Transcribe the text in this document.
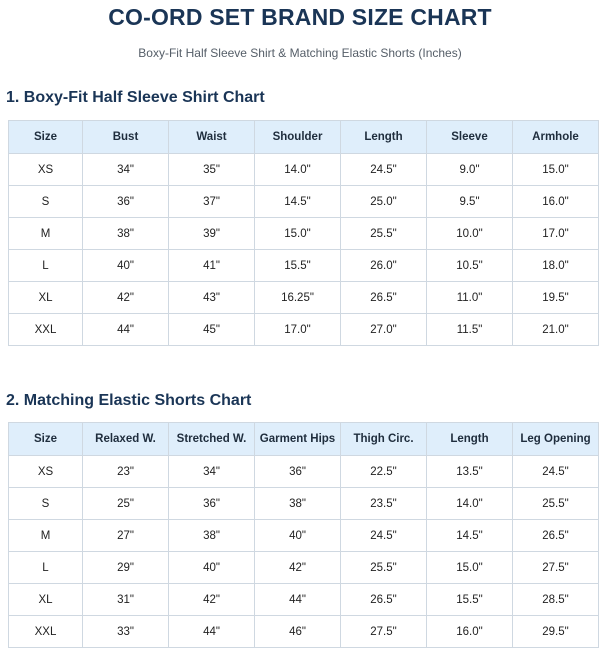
CO-ORD SET BRAND SIZE CHART
Boxy-Fit Half Sleeve Shirt & Matching Elastic Shorts (Inches)
1. Boxy-Fit Half Sleeve Shirt Chart
Size	Bust	Waist	Shoulder	Length	Sleeve	Armhole
XS	34"	35"	14.0"	24.5"	9.0"	15.0"
S	36"	37"	14.5"	25.0"	9.5"	16.0"
M	38"	39"	15.0"	25.5"	10.0"	17.0"
L	40"	41"	15.5"	26.0"	10.5"	18.0"
XL	42"	43"	16.25"	26.5"	11.0"	19.5"
XXL	44"	45"	17.0"	27.0"	11.5"	21.0"
2. Matching Elastic Shorts Chart
Size	Relaxed W.	Stretched W.	Garment Hips	Thigh Circ.	Length	Leg Opening
XS	23"	34"	36"	22.5"	13.5"	24.5"
S	25"	36"	38"	23.5"	14.0"	25.5"
M	27"	38"	40"	24.5"	14.5"	26.5"
L	29"	40"	42"	25.5"	15.0"	27.5"
XL	31"	42"	44"	26.5"	15.5"	28.5"
XXL	33"	44"	46"	27.5"	16.0"	29.5"
